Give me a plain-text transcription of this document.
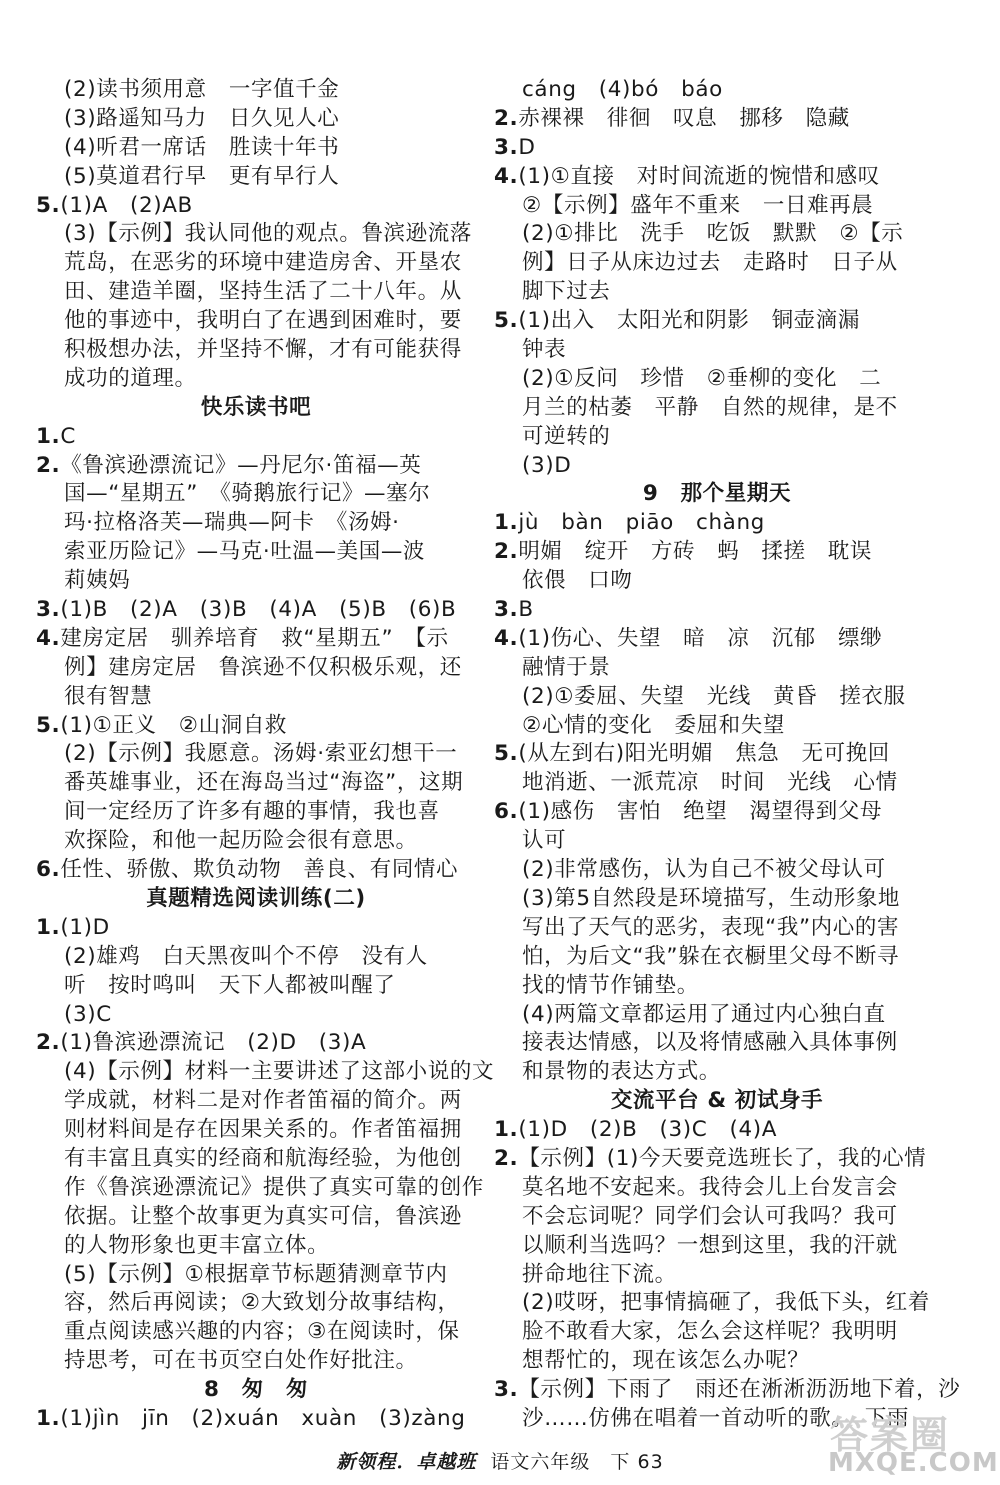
(2)读书须用意　一字值千金
(3)路遥知马力　日久见人心
(4)听君一席话　胜读十年书
(5)莫道君行早　更有早行人
5.(1)A　(2)AB
(3)【示例】我认同他的观点。鲁滨逊流落
荒岛，在恶劣的环境中建造房舍、开垦农
田、建造羊圈，坚持生活了二十八年。从
他的事迹中，我明白了在遇到困难时，要
积极想办法，并坚持不懈，才有可能获得
成功的道理。
快乐读书吧
1.C
2.《鲁滨逊漂流记》—丹尼尔·笛福—英
国—“星期五”　《骑鹅旅行记》—塞尔
玛·拉格洛芙—瑞典—阿卡　《汤姆·
索亚历险记》—马克·吐温—美国—波
莉姨妈
3.(1)B　(2)A　(3)B　(4)A　(5)B　(6)B
4.建房定居　驯养培育　救“星期五”　【示
例】建房定居　鲁滨逊不仅积极乐观，还
很有智慧
5.(1)①正义　②山洞自救
(2)【示例】我愿意。汤姆·索亚幻想干一
番英雄事业，还在海岛当过“海盗”，这期
间一定经历了许多有趣的事情，我也喜
欢探险，和他一起历险会很有意思。
6.任性、骄傲、欺负动物　善良、有同情心
真题精选阅读训练(二)
1.(1)D
(2)雄鸡　白天黑夜叫个不停　没有人
听　按时鸣叫　天下人都被叫醒了
(3)C
2.(1)鲁滨逊漂流记　(2)D　(3)A
(4)【示例】材料一主要讲述了这部小说的文
学成就，材料二是对作者笛福的简介。两
则材料间是存在因果关系的。作者笛福拥
有丰富且真实的经商和航海经验，为他创
作《鲁滨逊漂流记》提供了真实可靠的创作
依据。让整个故事更为真实可信，鲁滨逊
的人物形象也更丰富立体。
(5)【示例】①根据章节标题猜测章节内
容，然后再阅读；②大致划分故事结构，
重点阅读感兴趣的内容；③在阅读时，保
持思考，可在书页空白处作好批注。
8　匆　匆
1.(1)jìn　jīn　(2)xuán　xuàn　(3)zàng
cáng　(4)bó　báo
2.赤裸裸　徘徊　叹息　挪移　隐藏
3.D
4.(1)①直接　对时间流逝的惋惜和感叹
②【示例】盛年不重来　一日难再晨
(2)①排比　洗手　吃饭　默默　②【示
例】日子从床边过去　走路时　日子从
脚下过去
5.(1)出入　太阳光和阴影　铜壶滴漏
钟表
(2)①反问　珍惜　②垂柳的变化　二
月兰的枯萎　平静　自然的规律，是不
可逆转的
(3)D
9　那个星期天
1.jù　bàn　piāo　chàng
2.明媚　绽开　方砖　蚂　揉搓　耽误
依偎　口吻
3.B
4.(1)伤心、失望　暗　凉　沉郁　缥缈
融情于景
(2)①委屈、失望　光线　黄昏　搓衣服
②心情的变化　委屈和失望
5.(从左到右)阳光明媚　焦急　无可挽回
地消逝、一派荒凉　时间　光线　心情
6.(1)感伤　害怕　绝望　渴望得到父母
认可
(2)非常感伤，认为自己不被父母认可
(3)第5自然段是环境描写，生动形象地
写出了天气的恶劣，表现“我”内心的害
怕，为后文“我”躲在衣橱里父母不断寻
找的情节作铺垫。
(4)两篇文章都运用了通过内心独白直
接表达情感，以及将情感融入具体事例
和景物的表达方式。
交流平台 & 初试身手
1.(1)D　(2)B　(3)C　(4)A
2.【示例】(1)今天要竞选班长了，我的心情
莫名地不安起来。我待会儿上台发言会
不会忘词呢？同学们会认可我吗？我可
以顺利当选吗？一想到这里，我的汗就
拼命地往下流。
(2)哎呀，把事情搞砸了，我低下头，红着
脸不敢看大家，怎么会这样呢？我明明
想帮忙的，现在该怎么办呢？
3.【示例】下雨了　雨还在淅淅沥沥地下着，沙
沙……仿佛在唱着一首动听的歌。　下雨
新领程．卓越班 语文六年级　下 63
答案圈
MXQE.COM
